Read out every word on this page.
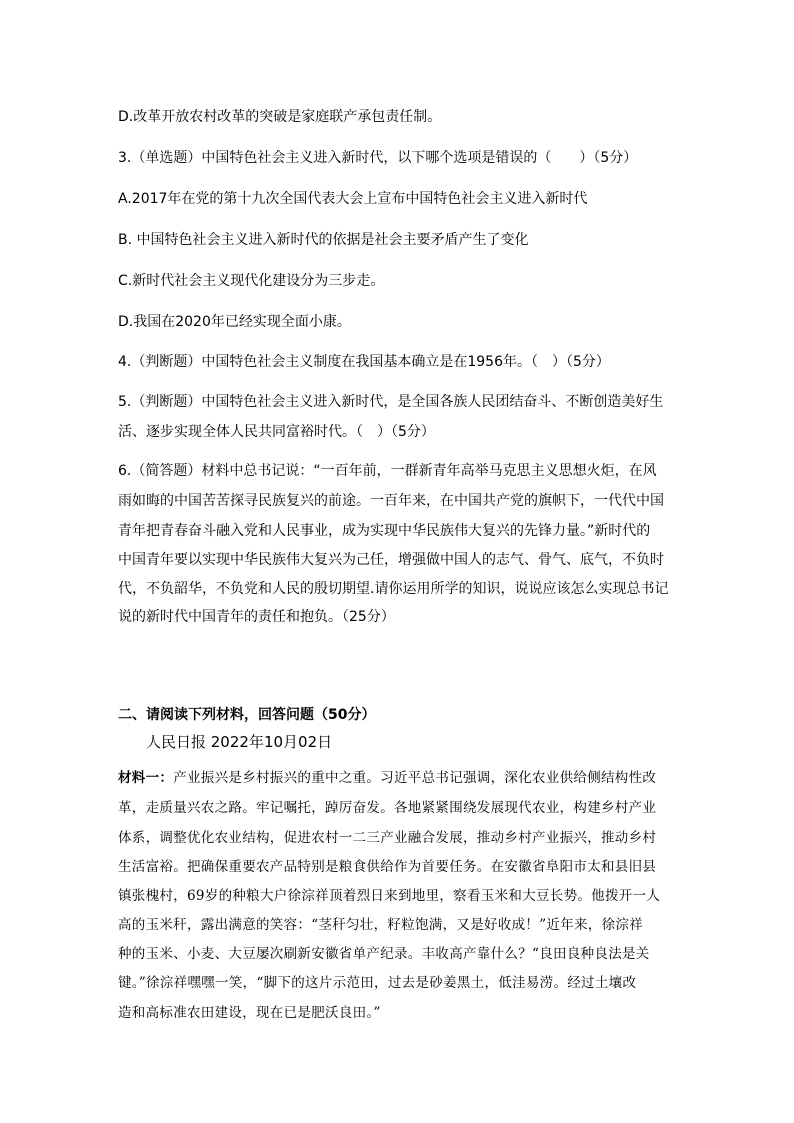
D.改革开放农村改革的突破是家庭联产承包责任制。
3.（单选题）中国特色社会主义进入新时代，以下哪个选项是错误的（　　）（5分）
A.2017年在党的第十九次全国代表大会上宣布中国特色社会主义进入新时代
B. 中国特色社会主义进入新时代的依据是社会主要矛盾产生了变化
C.新时代社会主义现代化建设分为三步走。
D.我国在2020年已经实现全面小康。
4.（判断题）中国特色社会主义制度在我国基本确立是在1956年。（　）（5分）
5.（判断题）中国特色社会主义进入新时代，是全国各族人民团结奋斗、不断创造美好生
活、逐步实现全体人民共同富裕时代。（　）（5分）
6.（简答题）材料中总书记说：“一百年前，一群新青年高举马克思主义思想火炬，在风
雨如晦的中国苦苦探寻民族复兴的前途。一百年来，在中国共产党的旗帜下，一代代中国
青年把青春奋斗融入党和人民事业，成为实现中华民族伟大复兴的先锋力量。”新时代的
中国青年要以实现中华民族伟大复兴为己任，增强做中国人的志气、骨气、底气，不负时
代，不负韶华，不负党和人民的殷切期望.请你运用所学的知识，说说应该怎么实现总书记
说的新时代中国青年的责任和抱负。（25分）
二、请阅读下列材料，回答问题（50分）
人民日报 2022年10月02日
材料一：产业振兴是乡村振兴的重中之重。习近平总书记强调，深化农业供给侧结构性改
革，走质量兴农之路。牢记嘱托，踔厉奋发。各地紧紧围绕发展现代农业，构建乡村产业
体系，调整优化农业结构，促进农村一二三产业融合发展，推动乡村产业振兴，推动乡村
生活富裕。把确保重要农产品特别是粮食供给作为首要任务。在安徽省阜阳市太和县旧县
镇张槐村，69岁的种粮大户徐淙祥顶着烈日来到地里，察看玉米和大豆长势。他拨开一人
高的玉米秆，露出满意的笑容：“茎秆匀壮，籽粒饱满，又是好收成！”近年来，徐淙祥
种的玉米、小麦、大豆屡次刷新安徽省单产纪录。丰收高产靠什么？“良田良种良法是关
键。”徐淙祥嘿嘿一笑，“脚下的这片示范田，过去是砂姜黑土，低洼易涝。经过土壤改
造和高标准农田建设，现在已是肥沃良田。”
